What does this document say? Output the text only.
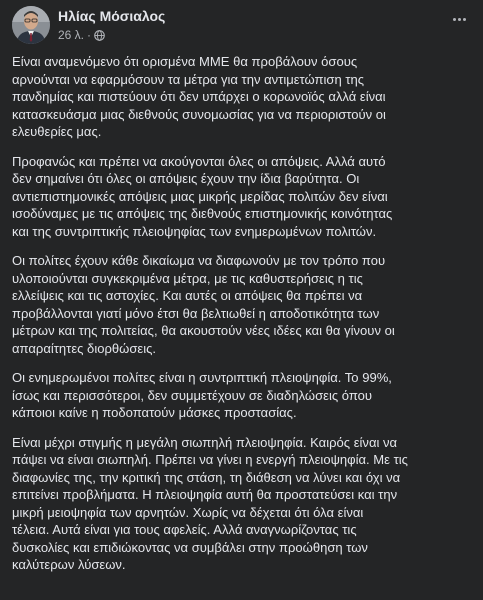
Ηλίας Μόσιαλος
26 λ. ·

Είναι αναμενόμενο ότι ορισμένα ΜΜΕ θα προβάλουν όσους
αρνούνται να εφαρμόσουν τα μέτρα για την αντιμετώπιση της
πανδημίας και πιστεύουν ότι δεν υπάρχει ο κορωνοϊός αλλά είναι
κατασκευάσμα μιας διεθνούς συνομωσίας για να περιοριστούν οι
ελευθερίες μας.

Προφανώς και πρέπει να ακούγονται όλες οι απόψεις. Αλλά αυτό
δεν σημαίνει ότι όλες οι απόψεις έχουν την ίδια βαρύτητα. Οι
αντιεπιστημονικές απόψεις μιας μικρής μερίδας πολιτών δεν είναι
ισοδύναμες με τις απόψεις της διεθνούς επιστημονικής κοινότητας
και της συντριπτικής πλειοψηφίας των ενημερωμένων πολιτών.

Οι πολίτες έχουν κάθε δικαίωμα να διαφωνούν με τον τρόπο που
υλοποιούνται συγκεκριμένα μέτρα, με τις καθυστερήσεις η τις
ελλείψεις και τις αστοχίες. Και αυτές οι απόψεις θα πρέπει να
προβάλλονται γιατί μόνο έτσι θα βελτιωθεί η αποδοτικότητα των
μέτρων και της πολιτείας, θα ακουστούν νέες ιδέες και θα γίνουν οι
απαραίτητες διορθώσεις.

Οι ενημερωμένοι πολίτες είναι η συντριπτική πλειοψηφία. Το 99%,
ίσως και περισσότεροι, δεν συμμετέχουν σε διαδηλώσεις όπου
κάποιοι καίνε η ποδοπατούν μάσκες προστασίας.

Είναι μέχρι στιγμής η μεγάλη σιωπηλή πλειοψηφία. Καιρός είναι να
πάψει να είναι σιωπηλή. Πρέπει να γίνει η ενεργή πλειοψηφία. Με τις
διαφωνίες της, την κριτική της στάση, τη διάθεση να λύνει και όχι να
επιτείνει προβλήματα. Η πλειοψηφία αυτή θα προστατεύσει και την
μικρή μειοψηφία των αρνητών. Χωρίς να δέχεται ότι όλα είναι
τέλεια. Αυτά είναι για τους αφελείς. Αλλά αναγνωρίζοντας τις
δυσκολίες και επιδιώκοντας να συμβάλει στην προώθηση των
καλύτερων λύσεων.
